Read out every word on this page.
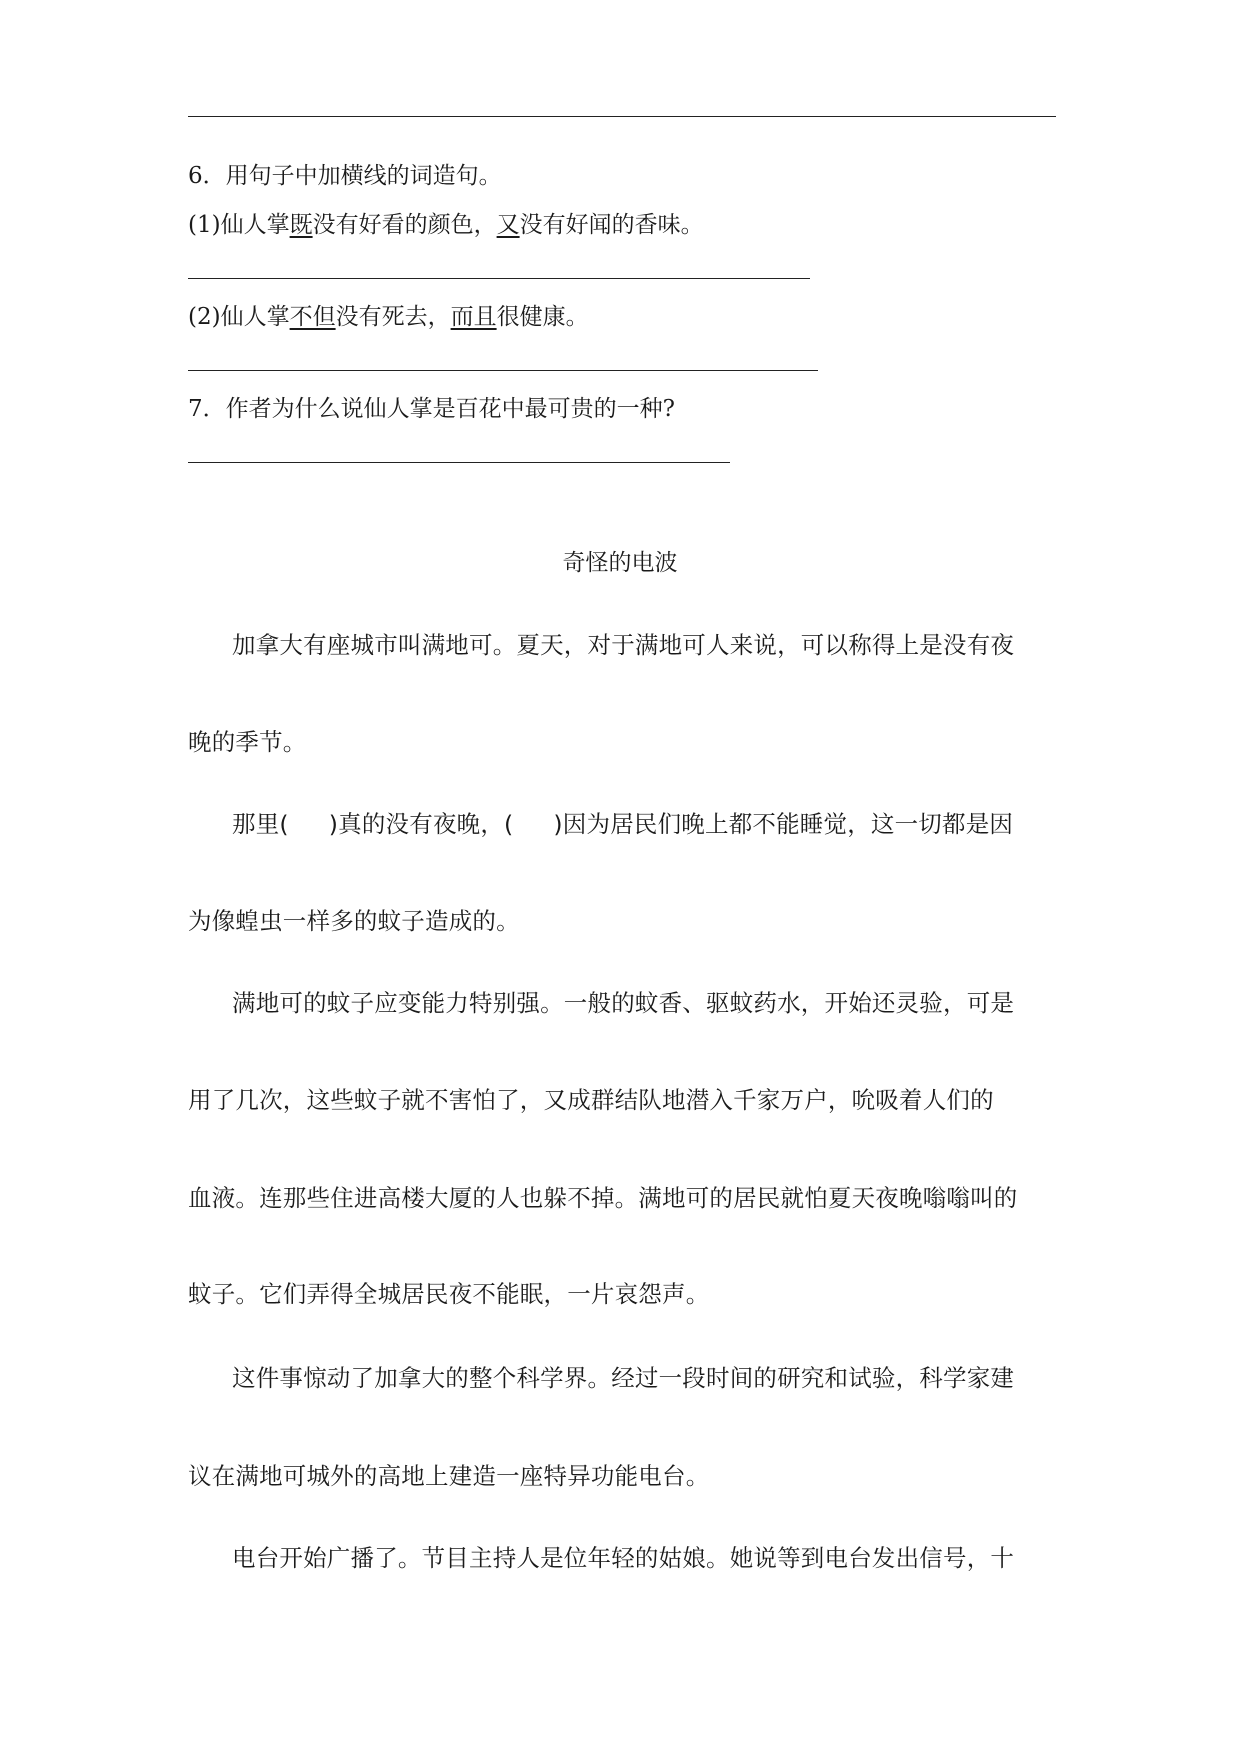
6．用句子中加横线的词造句。

(1)仙人掌既没有好看的颜色，又没有好闻的香味。

(2)仙人掌不但没有死去，而且很健康。

7．作者为什么说仙人掌是百花中最可贵的一种?

奇怪的电波

加拿大有座城市叫满地可。夏天，对于满地可人来说，可以称得上是没有夜

晚的季节。

那里( )真的没有夜晚，( )因为居民们晚上都不能睡觉，这一切都是因

为像蝗虫一样多的蚊子造成的。

满地可的蚊子应变能力特别强。一般的蚊香、驱蚊药水，开始还灵验，可是

用了几次，这些蚊子就不害怕了，又成群结队地潜入千家万户，吮吸着人们的

血液。连那些住进高楼大厦的人也躲不掉。满地可的居民就怕夏天夜晚嗡嗡叫的

蚊子。它们弄得全城居民夜不能眠，一片哀怨声。

这件事惊动了加拿大的整个科学界。经过一段时间的研究和试验，科学家建

议在满地可城外的高地上建造一座特异功能电台。

电台开始广播了。节目主持人是位年轻的姑娘。她说等到电台发出信号，十
